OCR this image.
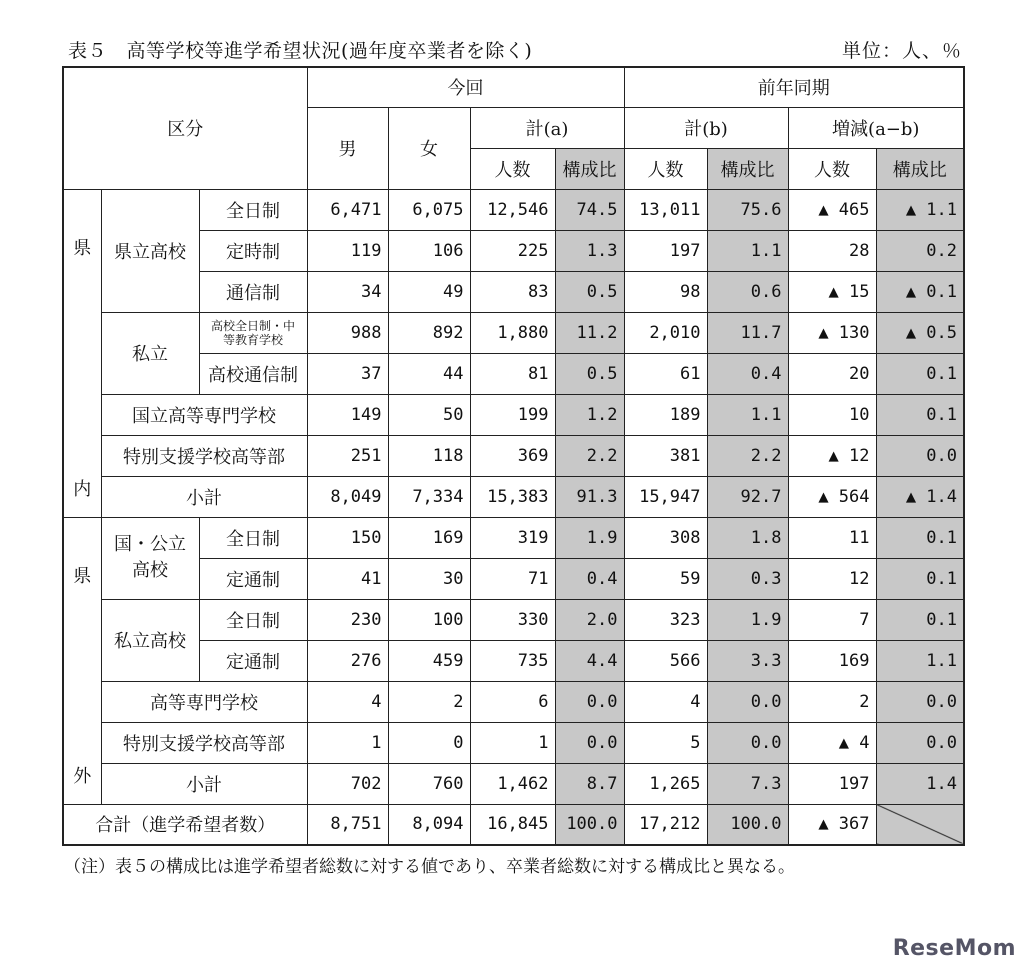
表５　高等学校等進学希望状況(過年度卒業者を除く)	単位：人、％
区分			今回				前年同期			
			男	女	計(a)		計(b)		増減(a−b)	
					人数	構成比	人数	構成比	人数	構成比
県	県立高校	全日制	6,471	6,075	12,546	74.5	13,011	75.6	▲ 465	▲ 1.1
		定時制	119	106	225	1.3	197	1.1	28	0.2
		通信制	34	49	83	0.5	98	0.6	▲ 15	▲ 0.1
	私立	高校全日制・中等教育学校	988	892	1,880	11.2	2,010	11.7	▲ 130	▲ 0.5
内		高校通信制	37	44	81	0.5	61	0.4	20	0.1
	国立高等専門学校		149	50	199	1.2	189	1.1	10	0.1
	特別支援学校高等部		251	118	369	2.2	381	2.2	▲ 12	0.0
	小計		8,049	7,334	15,383	91.3	15,947	92.7	▲ 564	▲ 1.4
県	国・公立高校	全日制	150	169	319	1.9	308	1.8	11	0.1
		定通制	41	30	71	0.4	59	0.3	12	0.1
	私立高校	全日制	230	100	330	2.0	323	1.9	7	0.1
		定通制	276	459	735	4.4	566	3.3	169	1.1
外	高等専門学校		4	2	6	0.0	4	0.0	2	0.0
	特別支援学校高等部		1	0	1	0.0	5	0.0	▲ 4	0.0
	小計		702	760	1,462	8.7	1,265	7.3	197	1.4
合計（進学希望者数）			8,751	8,094	16,845	100.0	17,212	100.0	▲ 367	
（注）表５の構成比は進学希望者総数に対する値であり、卒業者総数に対する構成比と異なる。
ReseMom
